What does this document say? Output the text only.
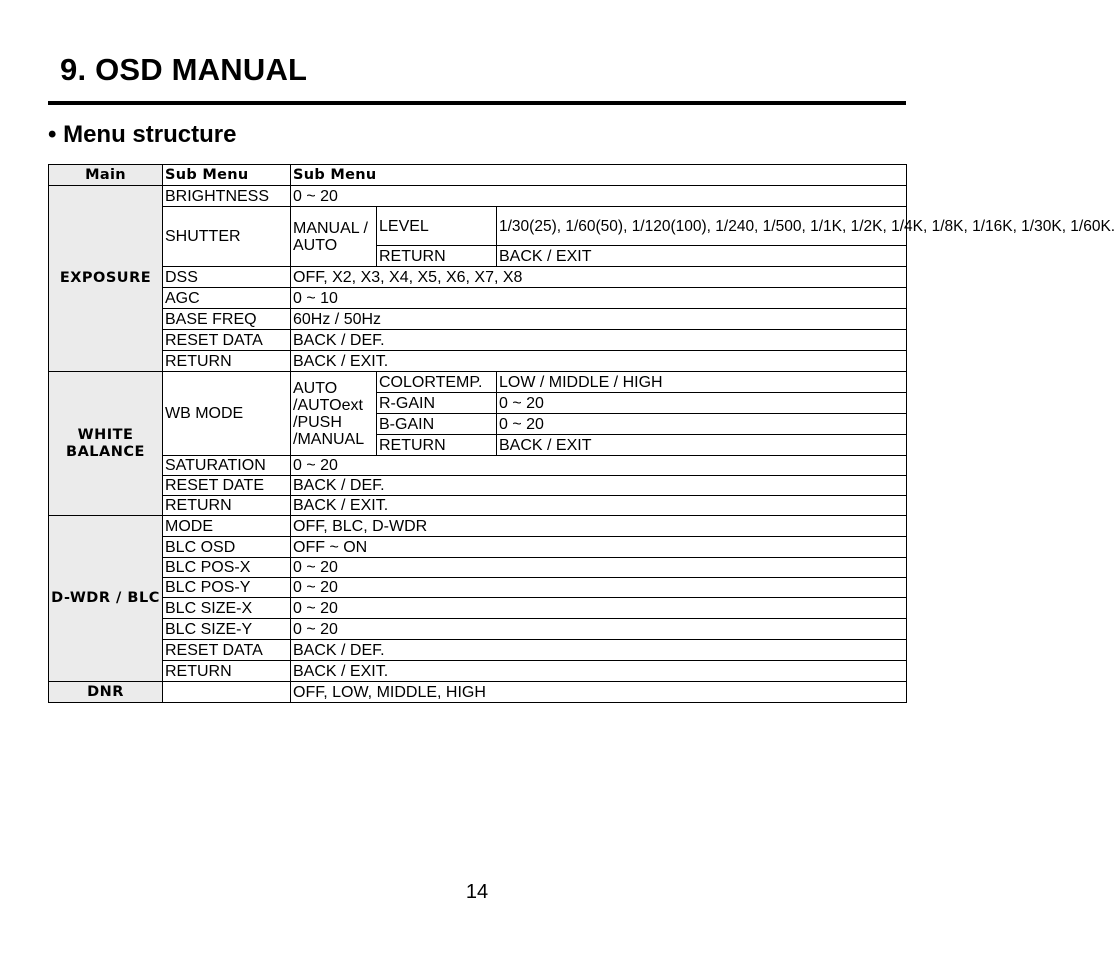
9. OSD MANUAL
• Menu structure
Main	Sub Menu	Sub Menu		
EXPOSURE	BRIGHTNESS	0 ~ 20		
	SHUTTER	MANUAL / AUTO	LEVEL	1/30(25), 1/60(50), 1/120(100), 1/240, 1/500, 1/1K, 1/2K, 1/4K, 1/8K, 1/16K, 1/30K, 1/60K.
			RETURN	BACK / EXIT
	DSS	OFF, X2, X3, X4, X5, X6, X7, X8		
	AGC	0 ~ 10		
	BASE FREQ	60Hz / 50Hz		
	RESET DATA	BACK / DEF.		
	RETURN	BACK / EXIT.		

WHITE BALANCE	WB MODE	AUTO /AUTOext /PUSH /MANUAL	COLORTEMP.	LOW / MIDDLE / HIGH
			R-GAIN	0 ~ 20
			B-GAIN	0 ~ 20
			RETURN	BACK / EXIT
	SATURATION	0 ~ 20		
	RESET DATE	BACK / DEF.		
	RETURN	BACK / EXIT.		
D-WDR / BLC	MODE	OFF, BLC, D-WDR		
	BLC OSD	OFF ~ ON		
	BLC POS-X	0 ~ 20		
	BLC POS-Y	0 ~ 20		
	BLC SIZE-X	0 ~ 20		
	BLC SIZE-Y	0 ~ 20		
	RESET DATA	BACK / DEF.		
	RETURN	BACK / EXIT.		
DNR		OFF, LOW, MIDDLE, HIGH		
14
